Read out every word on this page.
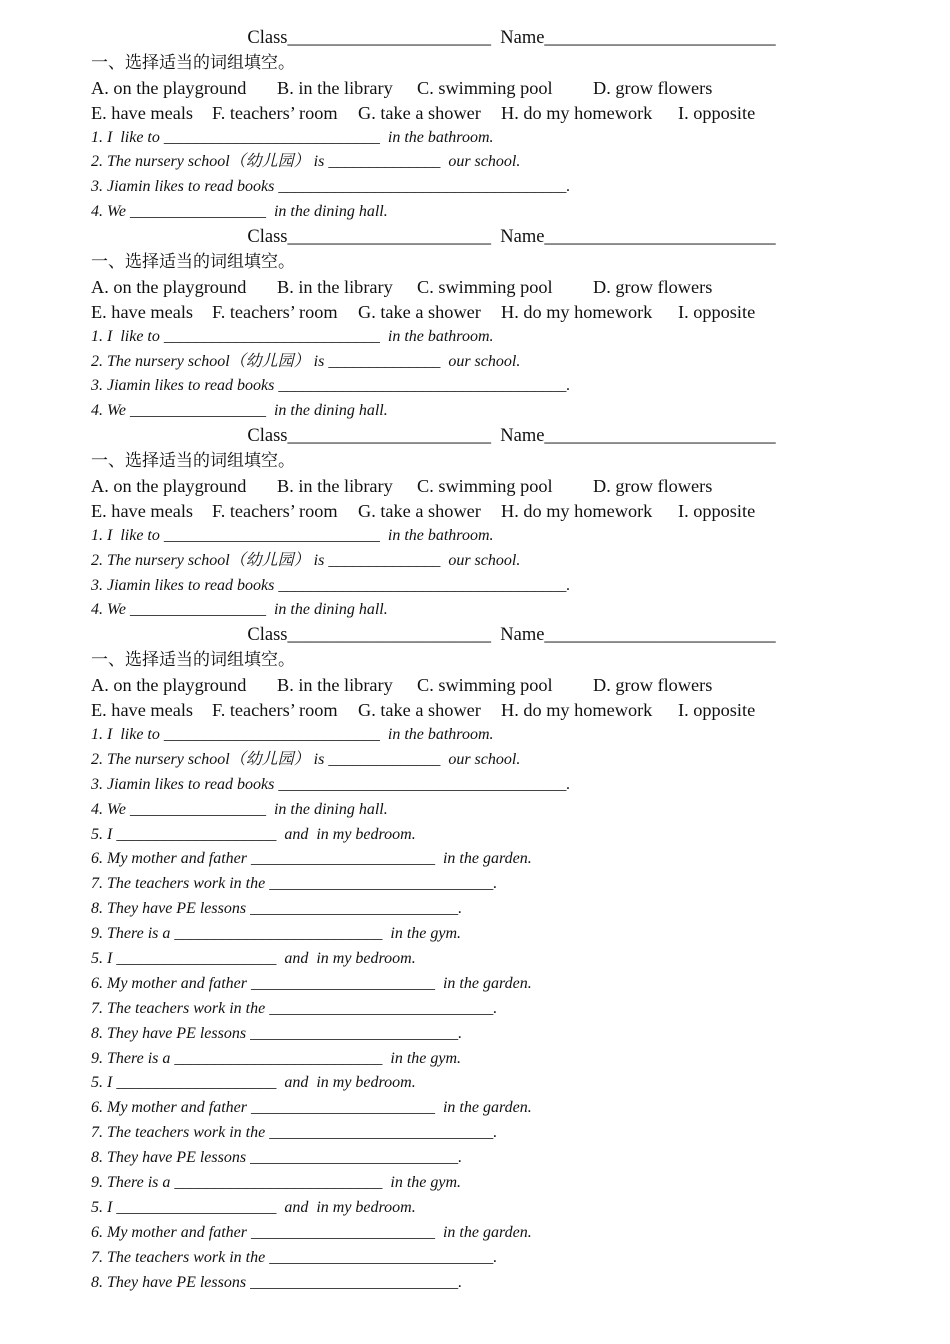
Class______________________ Name_________________________
一、选择适当的词组填空。
A. on the playground B. in the library C. swimming pool D. grow flowers
E. have meals F. teachers’ room G. take a shower H. do my homework I. opposite
1. I  like to ___________________________  in the bathroom.
2. The nursery school（幼儿园） is ______________  our school.
3. Jiamin likes to read books ____________________________________.
4. We _________________  in the dining hall.
Class______________________ Name_________________________
一、选择适当的词组填空。
A. on the playground B. in the library C. swimming pool D. grow flowers
E. have meals F. teachers’ room G. take a shower H. do my homework I. opposite
1. I  like to ___________________________  in the bathroom.
2. The nursery school（幼儿园） is ______________  our school.
3. Jiamin likes to read books ____________________________________.
4. We _________________  in the dining hall.
Class______________________ Name_________________________
一、选择适当的词组填空。
A. on the playground B. in the library C. swimming pool D. grow flowers
E. have meals F. teachers’ room G. take a shower H. do my homework I. opposite
1. I  like to ___________________________  in the bathroom.
2. The nursery school（幼儿园） is ______________  our school.
3. Jiamin likes to read books ____________________________________.
4. We _________________  in the dining hall.
Class______________________ Name_________________________
一、选择适当的词组填空。
A. on the playground B. in the library C. swimming pool D. grow flowers
E. have meals F. teachers’ room G. take a shower H. do my homework I. opposite
1. I  like to ___________________________  in the bathroom.
2. The nursery school（幼儿园） is ______________  our school.
3. Jiamin likes to read books ____________________________________.
4. We _________________  in the dining hall.
5. I ____________________  and  in my bedroom.
6. My mother and father _______________________  in the garden.
7. The teachers work in the ____________________________.
8. They have PE lessons __________________________.
9. There is a __________________________  in the gym.
5. I ____________________  and  in my bedroom.
6. My mother and father _______________________  in the garden.
7. The teachers work in the ____________________________.
8. They have PE lessons __________________________.
9. There is a __________________________  in the gym.
5. I ____________________  and  in my bedroom.
6. My mother and father _______________________  in the garden.
7. The teachers work in the ____________________________.
8. They have PE lessons __________________________.
9. There is a __________________________  in the gym.
5. I ____________________  and  in my bedroom.
6. My mother and father _______________________  in the garden.
7. The teachers work in the ____________________________.
8. They have PE lessons __________________________.
